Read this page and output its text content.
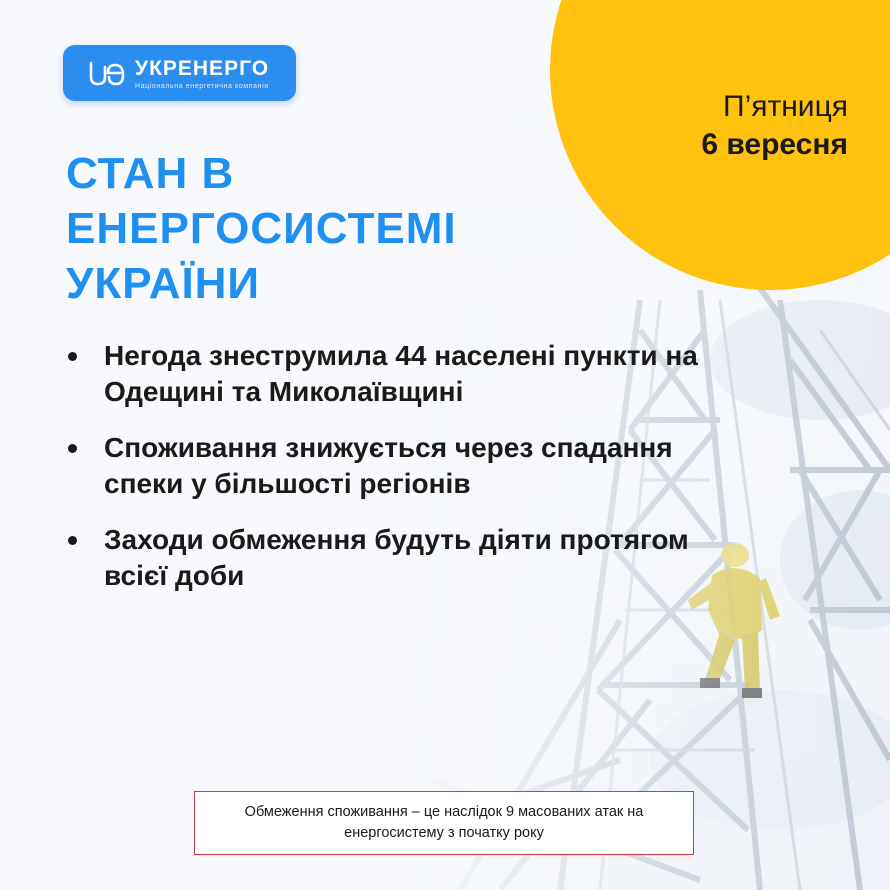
П’ятниця
6 вересня
УКРЕНЕРГО
Національна енергетична компанія
СТАН В
ЕНЕРГОСИСТЕМІ
УКРАЇНИ
Негода знеструмила 44 населені пункти на Одещині та Миколаївщині
Споживання знижується через спадання спеки у більшості регіонів
Заходи обмеження будуть діяти протягом всієї доби
Обмеження споживання – це наслідок 9 масованих атак на енергосистему з початку року
